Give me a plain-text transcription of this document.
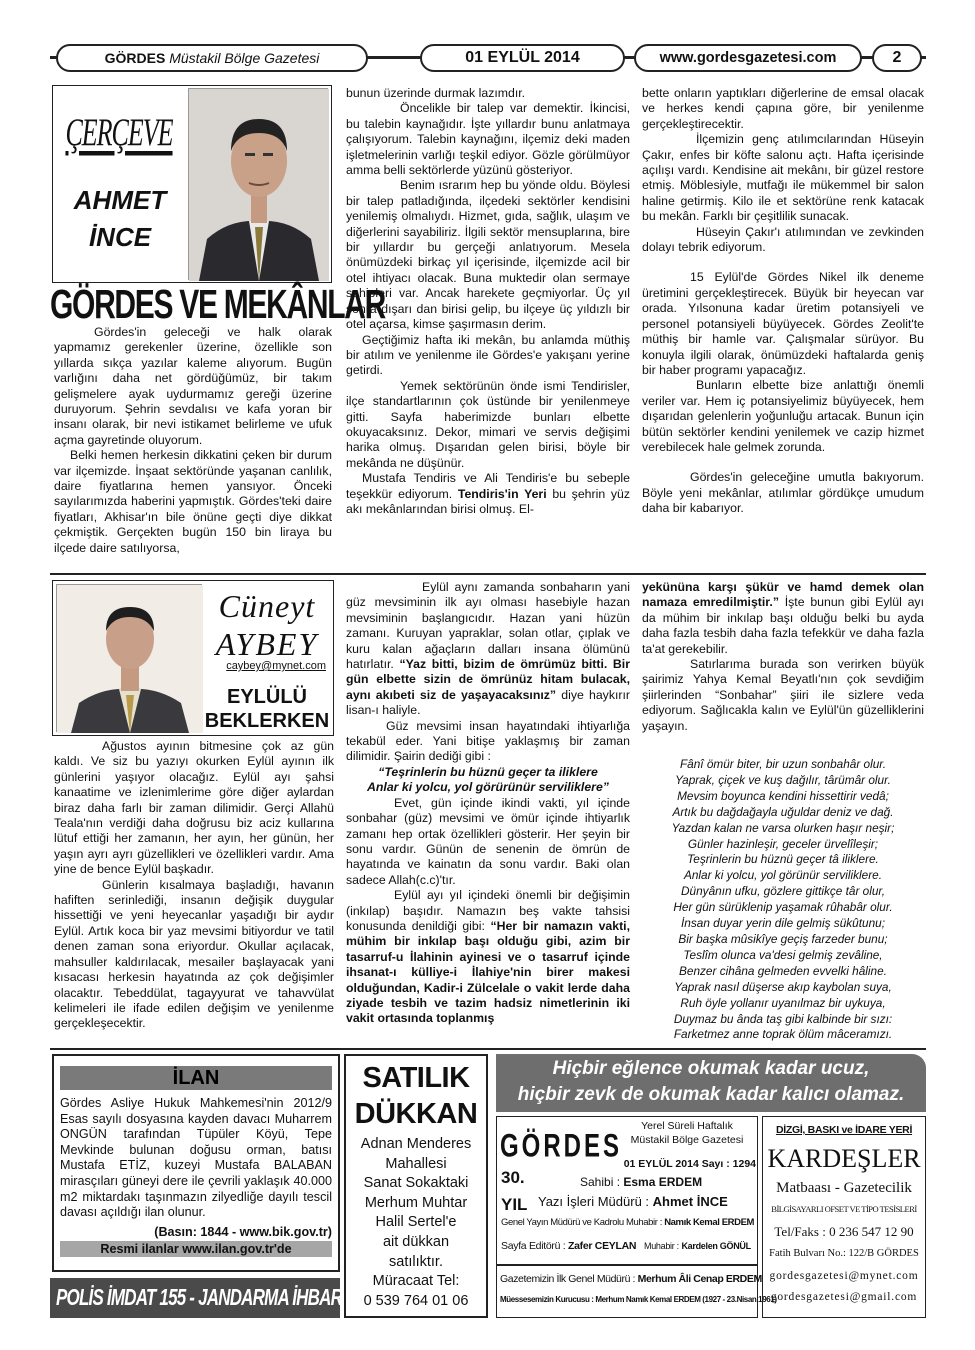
GÖRDES
Müstakil Bölge Gazetesi	01 EYLÜL 2014	www.gordesgazetesi.com	2
ÇERÇEVE
AHMET
İNCE
GÖRDES VE MEKÂNLAR

Gördes'in geleceği ve halk olarak yapmamız gerekenler üzerine, özellikle son yıllarda sıkça yazılar kaleme alıyorum. Bugün varlığını daha net gördüğümüz, bir takım gelişmelere ayak uydurmamız gereği üzerine duruyorum. Şehrin sevdalısı ve kafa yoran bir insanı olarak, bir nevi istikamet belirleme ve ufuk açma gayretinde oluyorum.

Belki hemen herkesin dikkatini çeken bir durum var ilçemizde. İnşaat sektöründe yaşanan canlılık, daire fiyatlarına hemen yansıyor. Önceki sayılarımızda haberini yapmıştık. Gördes'teki daire fiyatları, Akhisar'ın bile önüne geçti diye dikkat çekmiştik. Gerçekten bugün 150 bin liraya bu ilçede daire satılıyorsa,

bunun üzerinde durmak lazımdır.

Öncelikle bir talep var demektir. İkincisi, bu talebin kaynağıdır. İşte yıllardır bunu anlatmaya çalışıyorum. Talebin kaynağını, ilçemiz deki maden işletmelerinin varlığı teşkil ediyor. Gözle görülmüyor amma belli sektörlerde yüzünü gösteriyor.

Benim ısrarım hep bu yönde oldu. Böylesi bir talep patladığında, ilçedeki sektörler kendisini yenilemiş olmalıydı. Hizmet, gıda, sağlık, ulaşım ve diğerlerini sayabiliriz. İlgili sektör mensuplarına, bire bir yıllardır bu gerçeği anlatıyorum. Mesela önümüzdeki birkaç yıl içerisinde, ilçemizde acil bir otel ihtiyacı olacak. Buna muktedir olan sermaye sahipleri var. Ancak harekete geçmiyorlar. Üç yıl sonra dışarı dan birisi gelip, bu ilçeye üç yıldızlı bir otel açarsa, kimse şaşırmasın derim.

Geçtiğimiz hafta iki mekân, bu anlamda müthiş bir atılım ve yenilenme ile Gördes'e yakışanı yerine getirdi.

Yemek sektörünün önde ismi Tendirisler, ilçe standartlarının çok üstünde bir yenilenmeye gitti. Sayfa haberimizde bunları elbette okuyacaksınız. Dekor, mimari ve servis değişimi harika olmuş. Dışarıdan gelen birisi, böyle bir mekânda ne düşünür.

Mustafa Tendiris ve Ali Tendiris'e bu sebeple teşekkür ediyorum. Tendiris'in Yeri bu şehrin yüz akı mekânlarından birisi olmuş. El-

bette onların yaptıkları diğerlerine de emsal olacak ve herkes kendi çapına göre, bir yenilenme gerçekleştirecektir.

İlçemizin genç atılımcılarından Hüseyin Çakır, enfes bir köfte salonu açtı. Hafta içerisinde açılışı vardı. Kendisine ait mekânı, bir güzel restore etmiş. Möblesiyle, mutfağı ile mükemmel bir salon haline getirmiş. Kilo ile et sektörüne renk katacak bu mekân. Farklı bir çeşitlilik sunacak.

Hüseyin Çakır'ı atılımından ve zevkinden dolayı tebrik ediyorum.

15 Eylül'de Gördes Nikel ilk deneme üretimini gerçekleştirecek. Büyük bir heyecan var orada. Yılsonuna kadar üretim potansiyeli ve personel potansiyeli büyüyecek. Gördes Zeolit'te müthiş bir hamle var. Çalışmalar sürüyor. Bu konuyla ilgili olarak, önümüzdeki haftalarda geniş bir haber programı yapacağız.

Bunların elbette bize anlattığı önemli veriler var. Hem iç potansiyelimiz büyüyecek, hem dışarıdan gelenlerin yoğunluğu artacak. Bunun için bütün sektörler kendini yenilemek ve cazip hizmet verebilecek hale gelmek zorunda.

Gördes'in geleceğine umutla bakıyorum. Böyle yeni mekânlar, atılımlar gördükçe umudum daha bir kabarıyor.

Cüneyt
AYBEY
caybey@mynet.com
EYLÜLÜ
BEKLERKEN

Ağustos ayının bitmesine çok az gün kaldı. Ve siz bu yazıyı okurken Eylül ayının ilk günlerini yaşıyor olacağız. Eylül ayı şahsi kanaatime ve izlenimlerime göre diğer aylardan biraz daha farlı bir zaman dilimidir. Gerçi Allahü Teala'nın verdiği daha doğrusu biz aciz kullarına lütuf ettiği her zamanın, her ayın, her günün, her yaşın ayrı ayrı güzellikleri ve özellikleri vardır. Ama yine de bence Eylül başkadır.

Günlerin kısalmaya başladığı, havanın hafiften serinlediği, insanın değişik duygular hissettiği ve yeni heyecanlar yaşadığı bir aydır Eylül. Artık koca bir yaz mevsimi bitiyordur ve tatil denen zaman sona eriyordur. Okullar açılacak, mahsuller kaldırılacak, mesailer başlayacak yani kısacası herkesin hayatında az çok değişimler olacaktır. Tebeddülat, tagayyurat ve tahavvülat kelimeleri ile ifade edilen değişim ve yenilenme gerçekleşecektir.

Eylül aynı zamanda sonbaharın yani güz mevsiminin ilk ayı olması hasebiyle hazan mevsiminin başlangıcıdır. Hazan yani hüzün zamanı. Kuruyan yapraklar, solan otlar, çıplak ve kuru kalan ağaçların dalları insana ölümünü hatırlatır. “Yaz bitti, bizim de ömrümüz bitti. Bir gün elbette sizin de ömrünüz hitam bulacak, aynı akıbeti siz de yaşayacaksınız” diye haykırır lisan-ı haliyle.

Güz mevsimi insan hayatındaki ihtiyarlığa tekabül eder. Yani bitişe yaklaşmış bir zaman dilimidir. Şairin dediği gibi :

“Teşrinlerin bu hüznü geçer ta iliklere

Anlar ki yolcu, yol görürünür serviliklere”

Evet, gün içinde ikindi vakti, yıl içinde sonbahar (güz) mevsimi ve ömür içinde ihtiyarlık zamanı hep ortak özellikleri gösterir. Her şeyin bir sonu vardır. Günün de senenin de ömrün de hayatında ve kainatın da sonu vardır. Baki olan sadece Allah(c.c)'tır.

Eylül ayı yıl içindeki önemli bir değişimin (inkılap) başıdır. Namazın beş vakte tahsisi konusunda denildiği gibi: “Her bir namazın vakti, mühim bir inkılap başı olduğu gibi, azim bir tasarruf-u İlahinin ayinesi ve o tasarruf içinde ihsanat-ı külliye-i İlahiye'nin birer makesi olduğundan, Kadir-i Zülcelale o vakit lerde daha ziyade tesbih ve tazim hadsiz nimetlerinin iki vakit ortasında toplanmış

yekününa karşı şükür ve hamd demek olan namaza emredilmiştir.” İşte bunun gibi Eylül ayı da mühim bir inkılap başı olduğu belki bu ayda daha fazla tesbih daha fazla tefekkür ve daha fazla ta'at gerekebilir.

Satırlarıma burada son verirken büyük şairimiz Yahya Kemal Beyatlı'nın çok sevdiğim şiirlerinden “Sonbahar” şiiri ile sizlere veda ediyorum. Sağlıcakla kalın ve Eylül'ün güzelliklerini yaşayın.

Fânî ömür biter, bir uzun sonbahâr olur.
Yaprak, çiçek ve kuş dağılır, târümâr olur.
Mevsim boyunca kendini hissettirir vedâ;
Artık bu dağdağayla uğuldar deniz ve dağ.
Yazdan kalan ne varsa olurken haşır neşir;
Günler hazinleşir, geceler ürvelîleşir;
Teşrinlerin bu hüznü geçer tâ iliklere.
Anlar ki yolcu, yol görünür serviliklere.
Dünyânın ufku, gözlere gittikçe târ olur,
Her gün sürüklenip yaşamak rûhabâr olur.
İnsan duyar yerin dile gelmiş sükûtunu;
Bir başka mûsikîye geçiş farzeder bunu;
Teslîm olunca va'desi gelmiş zevâline,
Benzer cihâna gelmeden evvelki hâline.
Yaprak nasıl düşerse akıp kaybolan suya,
Ruh öyle yollanır uyanılmaz bir uykuya,
Duymaz bu ânda taş gibi kalbinde bir sızı:
Farketmez anne toprak ölüm mâceramızı.
İLAN
Gördes Asliye Hukuk Mahkemesi'nin 2012/9 Esas sayılı dosyasına kayden davacı Muharrem ONGÜN tarafından Tüpüler Köyü, Tepe Mevkinde bulunan doğusu orman, batısı Mustafa ETİZ, kuzeyi Mustafa BALABAN mirasçıları güneyi dere ile çevrili yaklaşık 40.000 m2 miktardakı taşınmazın zilyedliğe dayılı tescil davası açıldığı ilan olunur.
(Basın: 1844 - www.bik.gov.tr)
Resmi ilanlar www.ilan.gov.tr'de
POLİS İMDAT 155 - JANDARMA İHBAR 156
SATILIK
DÜKKAN
Adnan Menderes
Mahallesi
Sanat Sokaktaki
Merhum Muhtar
Halil Sertel'e
ait dükkan
satılıktır.
Müracaat Tel:
0 539 764 01 06
Hiçbir eğlence okumak kadar ucuz,
hiçbir zevk de okumak kadar kalıcı olamaz.
GÖRDES
Yerel Süreli Haftalık
Müstakil Bölge Gazetesi
01 EYLÜL 2014 Sayı : 1294
30.
YIL
Sahibi : Esma ERDEM
Yazı İşleri Müdürü : Ahmet İNCE
Genel Yayın Müdürü ve Kadrolu Muhabir : Namık Kemal ERDEM
Sayfa Editörü : Zafer CEYLAN Muhabir : Kardelen GÖNÜL
Gazetemizin İlk Genel Müdürü : Merhum Âli Cenap ERDEM
Müessesemizin Kurucusu : Merhum Namık Kemal ERDEM (1927 - 23.Nisan.1961)
DİZGİ, BASKI ve İDARE YERİ
KARDEŞLER
Matbaası - Gazetecilik
BİLGİSAYARLI OFSET VE TİPO TESİSLERİ
Tel/Faks : 0 236 547 12 90
Fatih Bulvarı No.: 122/B GÖRDES
gordesgazetesi@mynet.com
gordesgazetesi@gmail.com
